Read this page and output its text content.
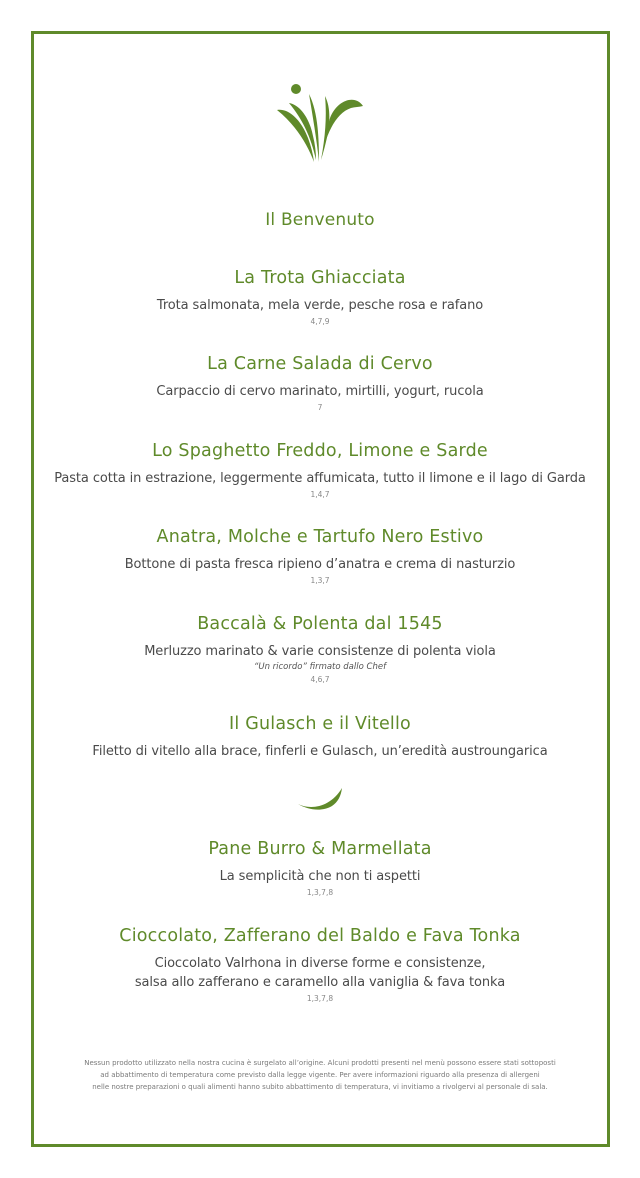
Il Benvenuto
La Trota Ghiacciata
Trota salmonata, mela verde, pesche rosa e rafano
4,7,9
La Carne Salada di Cervo
Carpaccio di cervo marinato, mirtilli, yogurt, rucola
7
Lo Spaghetto Freddo, Limone e Sarde
Pasta cotta in estrazione, leggermente affumicata, tutto il limone e il lago di Garda
1,4,7
Anatra, Molche e Tartufo Nero Estivo
Bottone di pasta fresca ripieno d’anatra e crema di nasturzio
1,3,7
Baccalà & Polenta dal 1545
Merluzzo marinato & varie consistenze di polenta viola
“Un ricordo” firmato dallo Chef
4,6,7
Il Gulasch e il Vitello
Filetto di vitello alla brace, finferli e Gulasch, un’eredità austroungarica
Pane Burro & Marmellata
La semplicità che non ti aspetti
1,3,7,8
Cioccolato, Zafferano del Baldo e Fava Tonka
Cioccolato Valrhona in diverse forme e consistenze,
salsa allo zafferano e caramello alla vaniglia & fava tonka
1,3,7,8
Nessun prodotto utilizzato nella nostra cucina è surgelato all’origine. Alcuni prodotti presenti nel menù possono essere stati sottoposti
ad abbattimento di temperatura come previsto dalla legge vigente. Per avere informazioni riguardo alla presenza di allergeni
nelle nostre preparazioni o quali alimenti hanno subito abbattimento di temperatura, vi invitiamo a rivolgervi al personale di sala.
